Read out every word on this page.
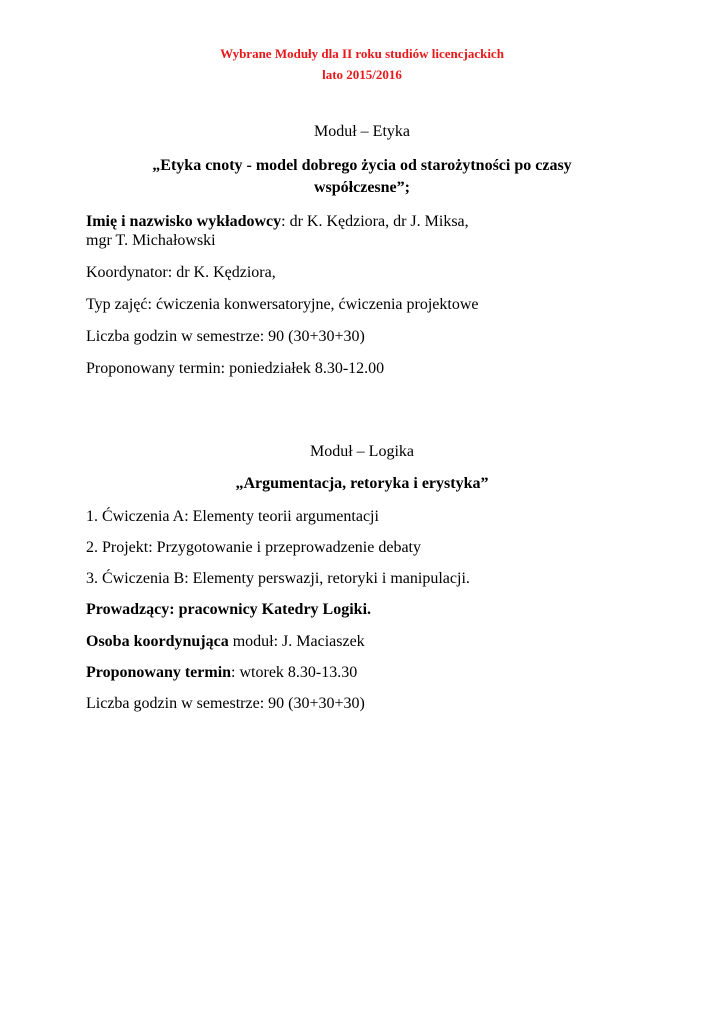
Wybrane Moduły dla II roku studiów licencjackich
lato 2015/2016
Moduł – Etyka
„Etyka cnoty - model dobrego życia od starożytności po czasy
współczesne”;
Imię i nazwisko wykładowcy: dr K. Kędziora, dr J. Miksa,
mgr T. Michałowski
Koordynator: dr K. Kędziora,
Typ zajęć: ćwiczenia konwersatoryjne, ćwiczenia projektowe
Liczba godzin w semestrze: 90 (30+30+30)
Proponowany termin: poniedziałek 8.30-12.00
Moduł – Logika
„Argumentacja, retoryka i erystyka”
1. Ćwiczenia A: Elementy teorii argumentacji
2. Projekt: Przygotowanie i przeprowadzenie debaty
3. Ćwiczenia B: Elementy perswazji, retoryki i manipulacji.
Prowadzący: pracownicy Katedry Logiki.
Osoba koordynująca moduł: J. Maciaszek
Proponowany termin: wtorek 8.30-13.30
Liczba godzin w semestrze: 90 (30+30+30)
